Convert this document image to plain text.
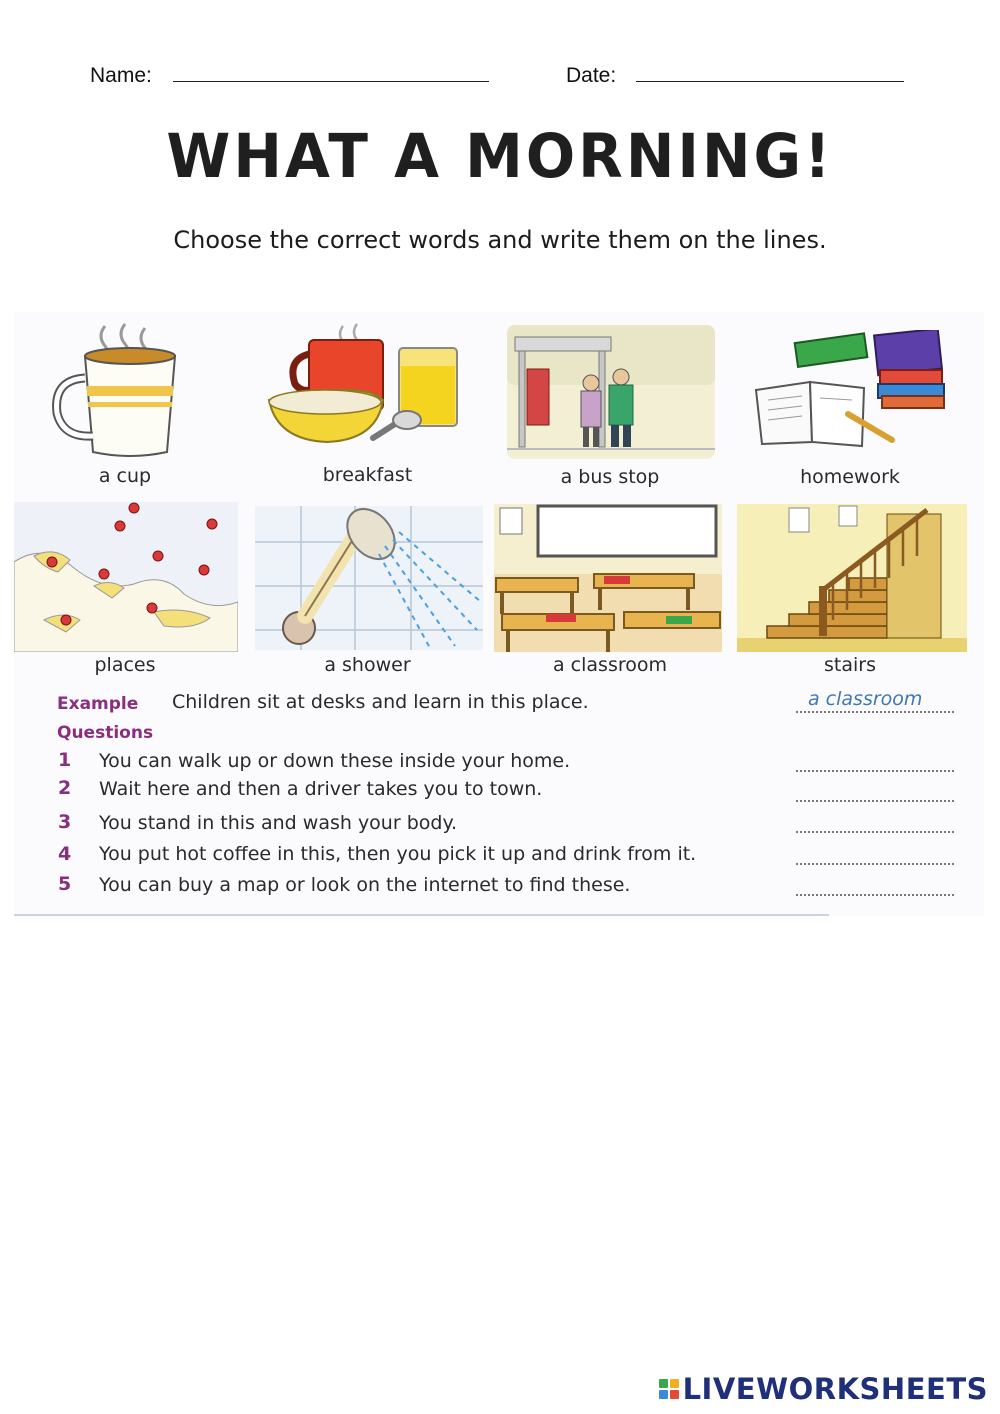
Name:	Date:
WHAT A MORNING!
Choose the correct words and write them on the lines.
a cup	breakfast	a bus stop	homework
places	a shower	a classroom	stairs
Example Children sit at desks and learn in this place.	a classroom
Questions
1 You can walk up or down these inside your home.
2 Wait here and then a driver takes you to town.
3 You stand in this and wash your body.
4 You put hot coffee in this, then you pick it up and drink from it.
5 You can buy a map or look on the internet to find these.
LIVEWORKSHEETS
